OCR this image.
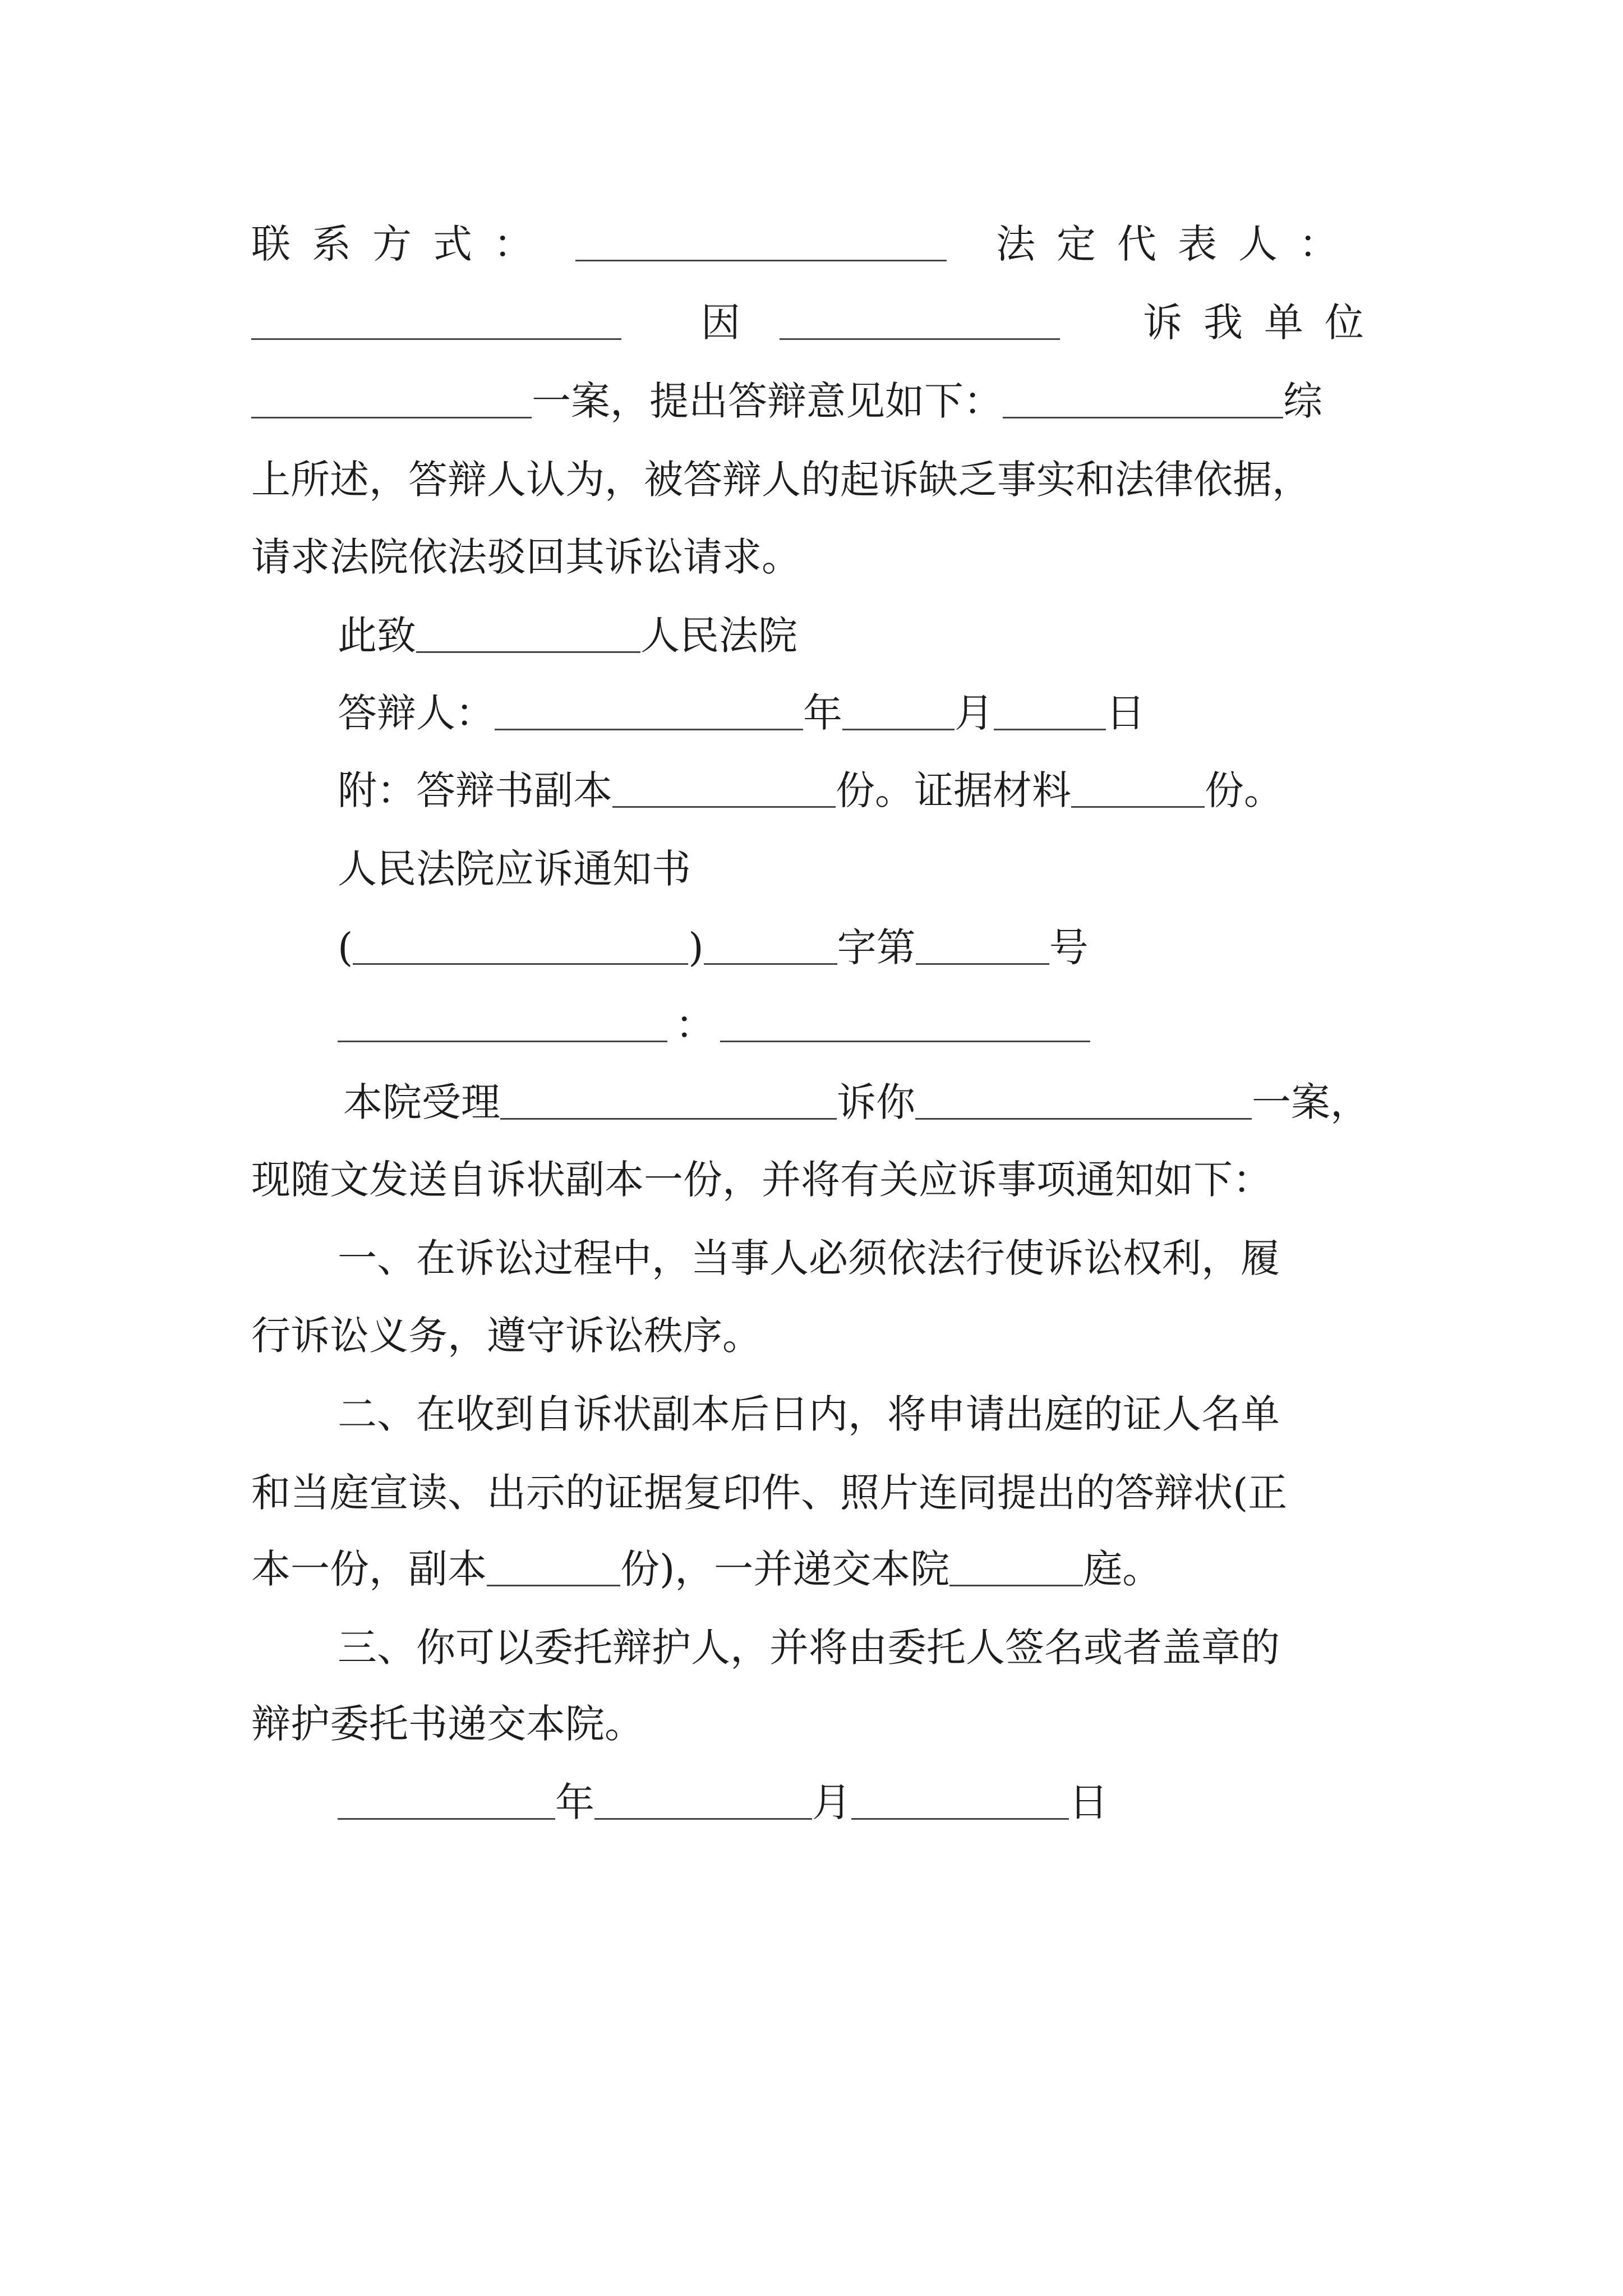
联系方式：	法定代表人：
因	诉我单位
一案，提出答辩意见如下：	综
上所述，答辩人认为，被答辩人的起诉缺乏事实和法律依据，
请求法院依法驳回其诉讼请求。
此致	人民法院
答辩人：	年	月	日
附：答辩书副本	份。证据材料	份。
人民法院应诉通知书
(	)	字第	号
：
本院受理	诉你	一案，
现随文发送自诉状副本一份，并将有关应诉事项通知如下：
一、在诉讼过程中，当事人必须依法行使诉讼权利，履
行诉讼义务，遵守诉讼秩序。
二、在收到自诉状副本后日内，将申请出庭的证人名单
和当庭宣读、出示的证据复印件、照片连同提出的答辩状(正
本一份，副本	份)，一并递交本院	庭。
三、你可以委托辩护人，并将由委托人签名或者盖章的
辩护委托书递交本院。
年	月	日
